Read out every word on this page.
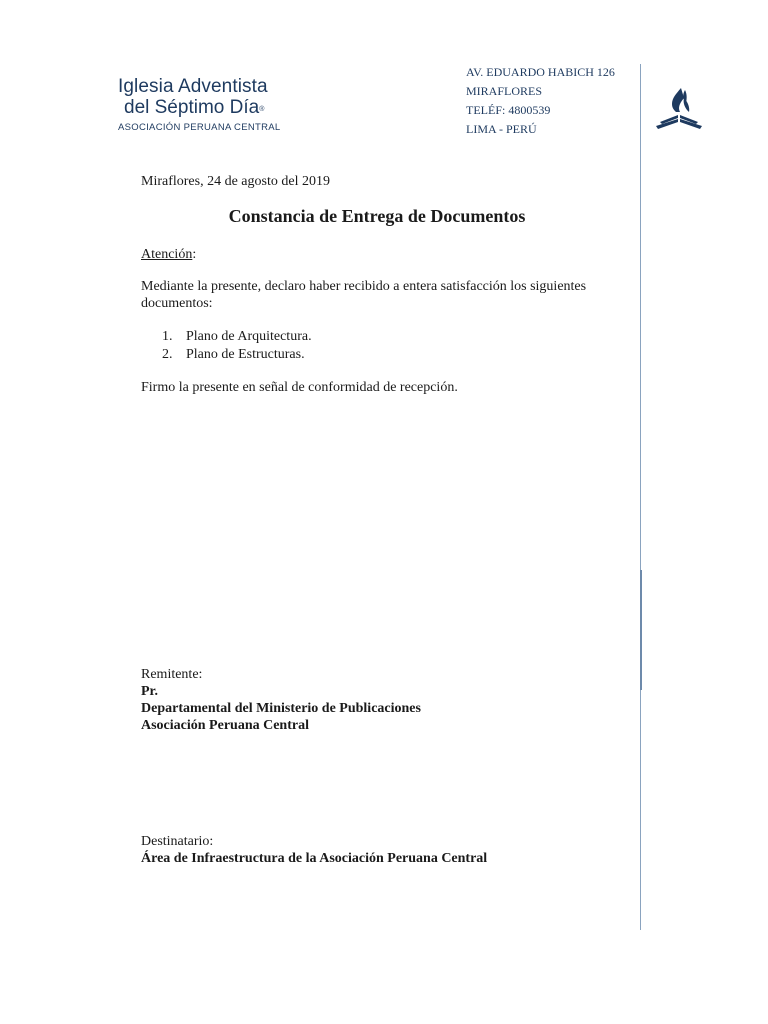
Iglesia Adventista
del Séptimo Día®
ASOCIACIÓN PERUANA CENTRAL
AV. EDUARDO HABICH 126
MIRAFLORES
TELÉF: 4800539
LIMA - PERÚ
Miraflores, 24 de agosto del 2019
Constancia de Entrega de Documentos
Atención:
Mediante la presente, declaro haber recibido a entera satisfacción los siguientes documentos:
1. Plano de Arquitectura.
2. Plano de Estructuras.
Firmo la presente en señal de conformidad de recepción.
Remitente:
Pr.
Departamental del Ministerio de Publicaciones
Asociación Peruana Central
Destinatario:
Área de Infraestructura de la Asociación Peruana Central
